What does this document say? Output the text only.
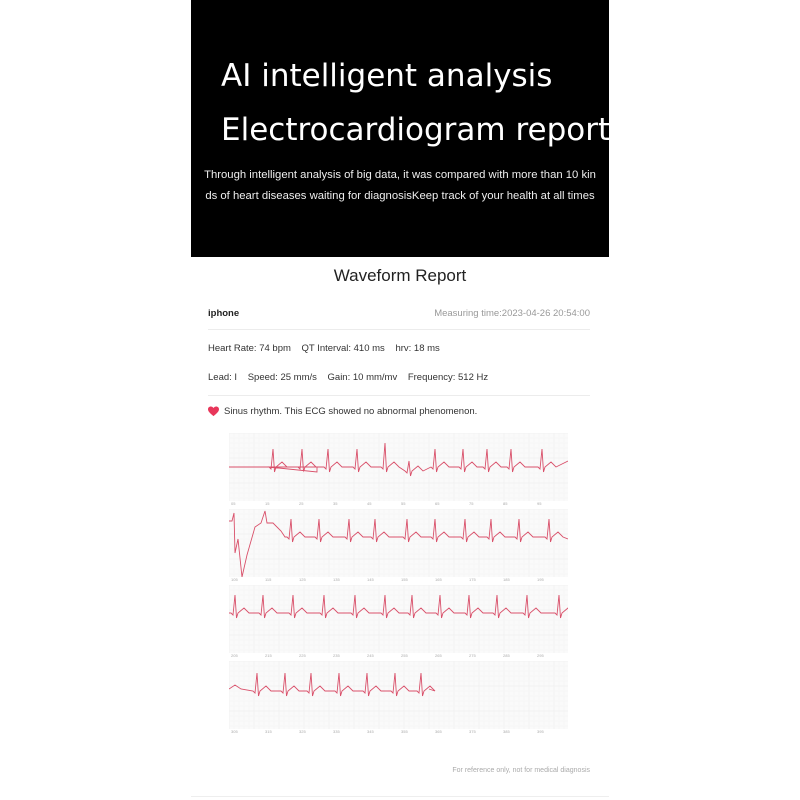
AI intelligent analysis
Electrocardiogram report
Through intelligent analysis of big data, it was compared with more than 10 kin
ds of heart diseases waiting for diagnosisKeep track of your health at all times
Waveform Report
iphone	Measuring time:2023-04-26 20:54:00
Heart Rate: 74 bpm QT Interval: 410 ms hrv: 18 ms
Lead: I Speed: 25 mm/s Gain: 10 mm/mv Frequency: 512 Hz
Sinus rhythm. This ECG showed no abnormal phenomenon.
05	15	25	35	45	55	65	75	85	95
105	115	125	135	145	155	165	175	185	195
205	215	225	235	245	255	265	275	285	295
305	315	325	335	345	355	365	375	385	395
For reference only, not for medical diagnosis
